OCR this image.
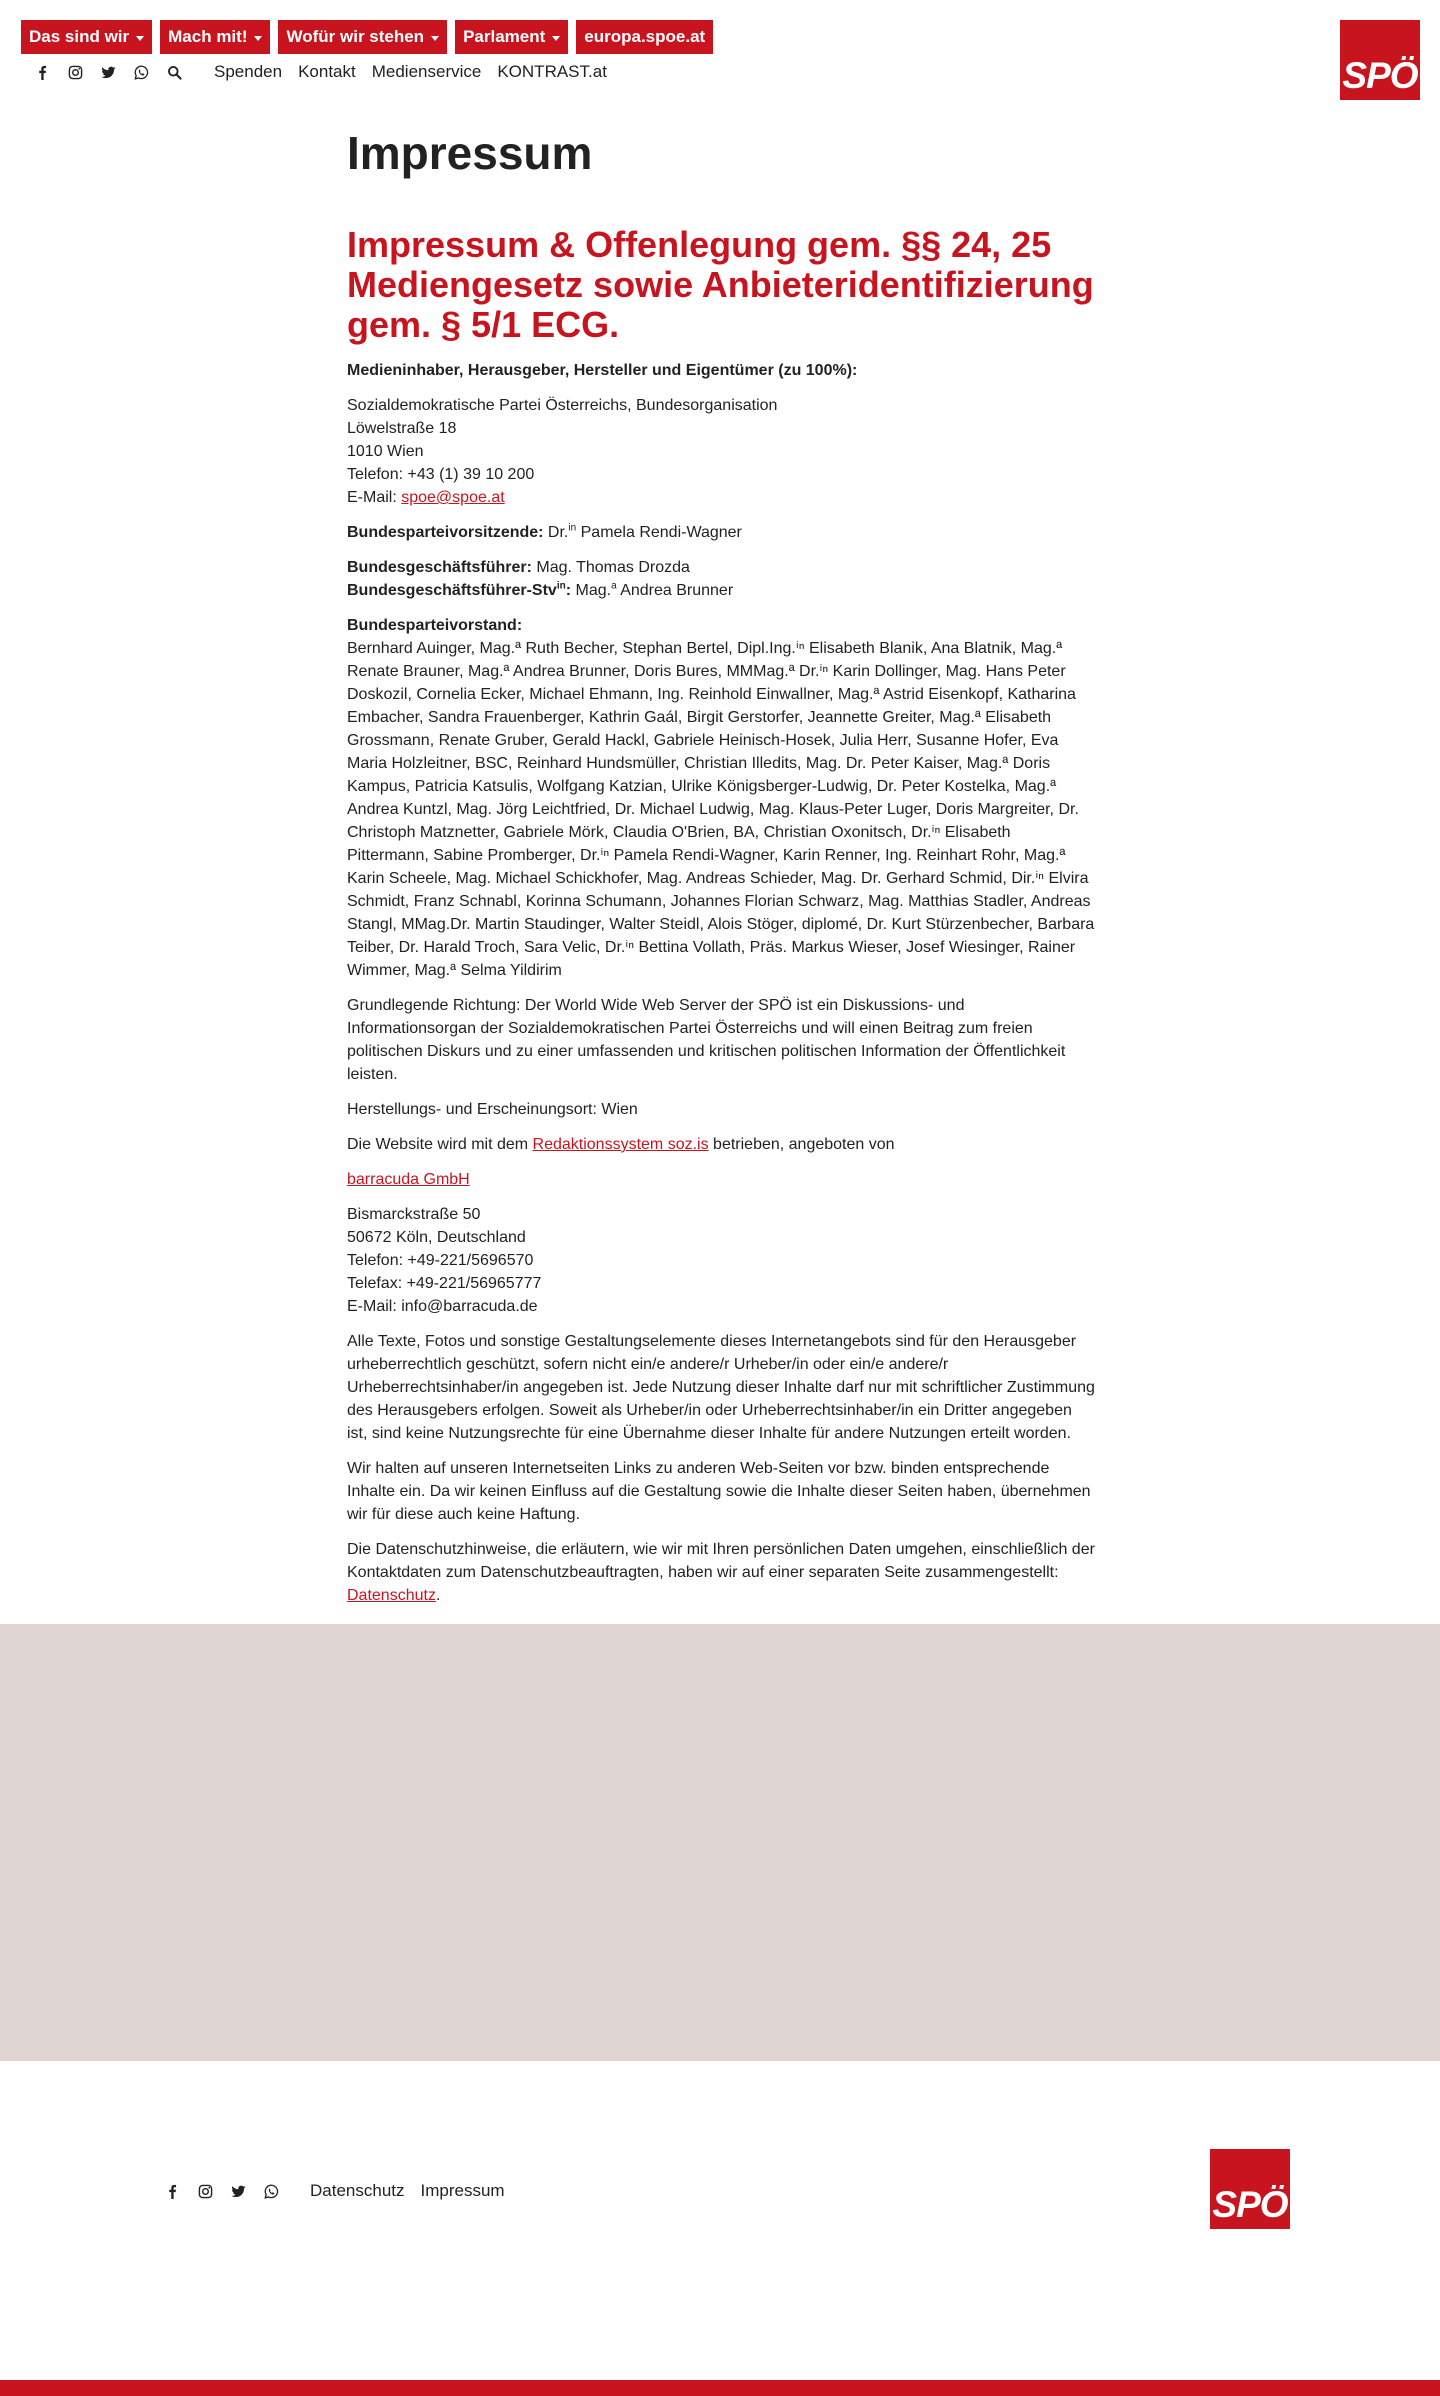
Das sind wir Mach mit! Wofür wir stehen Parlament europa.spoe.at
Spenden Kontakt Medienservice KONTRAST.at	SPÖ
Impressum
Impressum & Offenlegung gem. §§ 24, 25 Mediengesetz sowie Anbieteridentifizierung gem. § 5/1 ECG.

Medieninhaber, Herausgeber, Hersteller und Eigentümer (zu 100%):

Sozialdemokratische Partei Österreichs, Bundesorganisation
Löwelstraße 18
1010 Wien
Telefon: +43 (1) 39 10 200
E-Mail: spoe@spoe.at

Bundesparteivorsitzende: Dr.$^{in}$ Pamela Rendi-Wagner

Bundesgeschäftsführer: Mag. Thomas Drozda
Bundesgeschäftsführer-Stv$^{in}$: Mag.$^a$ Andrea Brunner

Bundesparteivorstand:
Bernhard Auinger, Mag.ª Ruth Becher, Stephan Bertel, Dipl.Ing.ⁱⁿ Elisabeth Blanik, Ana Blatnik, Mag.ª Renate Brauner, Mag.ª Andrea Brunner, Doris Bures, MMMag.ª Dr.ⁱⁿ Karin Dollinger, Mag. Hans Peter Doskozil, Cornelia Ecker, Michael Ehmann, Ing. Reinhold Einwallner, Mag.ª Astrid Eisenkopf, Katharina Embacher, Sandra Frauenberger, Kathrin Gaál, Birgit Gerstorfer, Jeannette Greiter, Mag.ª Elisabeth Grossmann, Renate Gruber, Gerald Hackl, Gabriele Heinisch-Hosek, Julia Herr, Susanne Hofer, Eva Maria Holzleitner, BSC, Reinhard Hundsmüller, Christian Illedits, Mag. Dr. Peter Kaiser, Mag.ª Doris Kampus, Patricia Katsulis, Wolfgang Katzian, Ulrike Königsberger-Ludwig, Dr. Peter Kostelka, Mag.ª Andrea Kuntzl, Mag. Jörg Leichtfried, Dr. Michael Ludwig, Mag. Klaus-Peter Luger, Doris Margreiter, Dr. Christoph Matznetter, Gabriele Mörk, Claudia O'Brien, BA, Christian Oxonitsch, Dr.ⁱⁿ Elisabeth Pittermann, Sabine Promberger, Dr.ⁱⁿ Pamela Rendi-Wagner, Karin Renner, Ing. Reinhart Rohr, Mag.ª Karin Scheele, Mag. Michael Schickhofer, Mag. Andreas Schieder, Mag. Dr. Gerhard Schmid, Dir.ⁱⁿ Elvira Schmidt, Franz Schnabl, Korinna Schumann, Johannes Florian Schwarz, Mag. Matthias Stadler, Andreas Stangl, MMag.Dr. Martin Staudinger, Walter Steidl, Alois Stöger, diplomé, Dr. Kurt Stürzenbecher, Barbara Teiber, Dr. Harald Troch, Sara Velic, Dr.ⁱⁿ Bettina Vollath, Präs. Markus Wieser, Josef Wiesinger, Rainer Wimmer, Mag.ª Selma Yildirim

Grundlegende Richtung: Der World Wide Web Server der SPÖ ist ein Diskussions- und Informationsorgan der Sozialdemokratischen Partei Österreichs und will einen Beitrag zum freien politischen Diskurs und zu einer umfassenden und kritischen politischen Information der Öffentlichkeit leisten.

Herstellungs- und Erscheinungsort: Wien

Die Website wird mit dem Redaktionssystem soz.is betrieben, angeboten von

barracuda GmbH

Bismarckstraße 50
50672 Köln, Deutschland
Telefon: +49-221/5696570
Telefax: +49-221/56965777
E-Mail: info@barracuda.de

Alle Texte, Fotos und sonstige Gestaltungselemente dieses Internetangebots sind für den Herausgeber urheberrechtlich geschützt, sofern nicht ein/e andere/r Urheber/in oder ein/e andere/r Urheberrechtsinhaber/in angegeben ist. Jede Nutzung dieser Inhalte darf nur mit schriftlicher Zustimmung des Herausgebers erfolgen. Soweit als Urheber/in oder Urheberrechtsinhaber/in ein Dritter angegeben ist, sind keine Nutzungsrechte für eine Übernahme dieser Inhalte für andere Nutzungen erteilt worden.

Wir halten auf unseren Internetseiten Links zu anderen Web-Seiten vor bzw. binden entsprechende Inhalte ein. Da wir keinen Einfluss auf die Gestaltung sowie die Inhalte dieser Seiten haben, übernehmen wir für diese auch keine Haftung.

Die Datenschutzhinweise, die erläutern, wie wir mit Ihren persönlichen Daten umgehen, einschließlich der Kontaktdaten zum Datenschutzbeauftragten, haben wir auf einer separaten Seite zusammengestellt: Datenschutz.

Datenschutz Impressum	SPÖ
